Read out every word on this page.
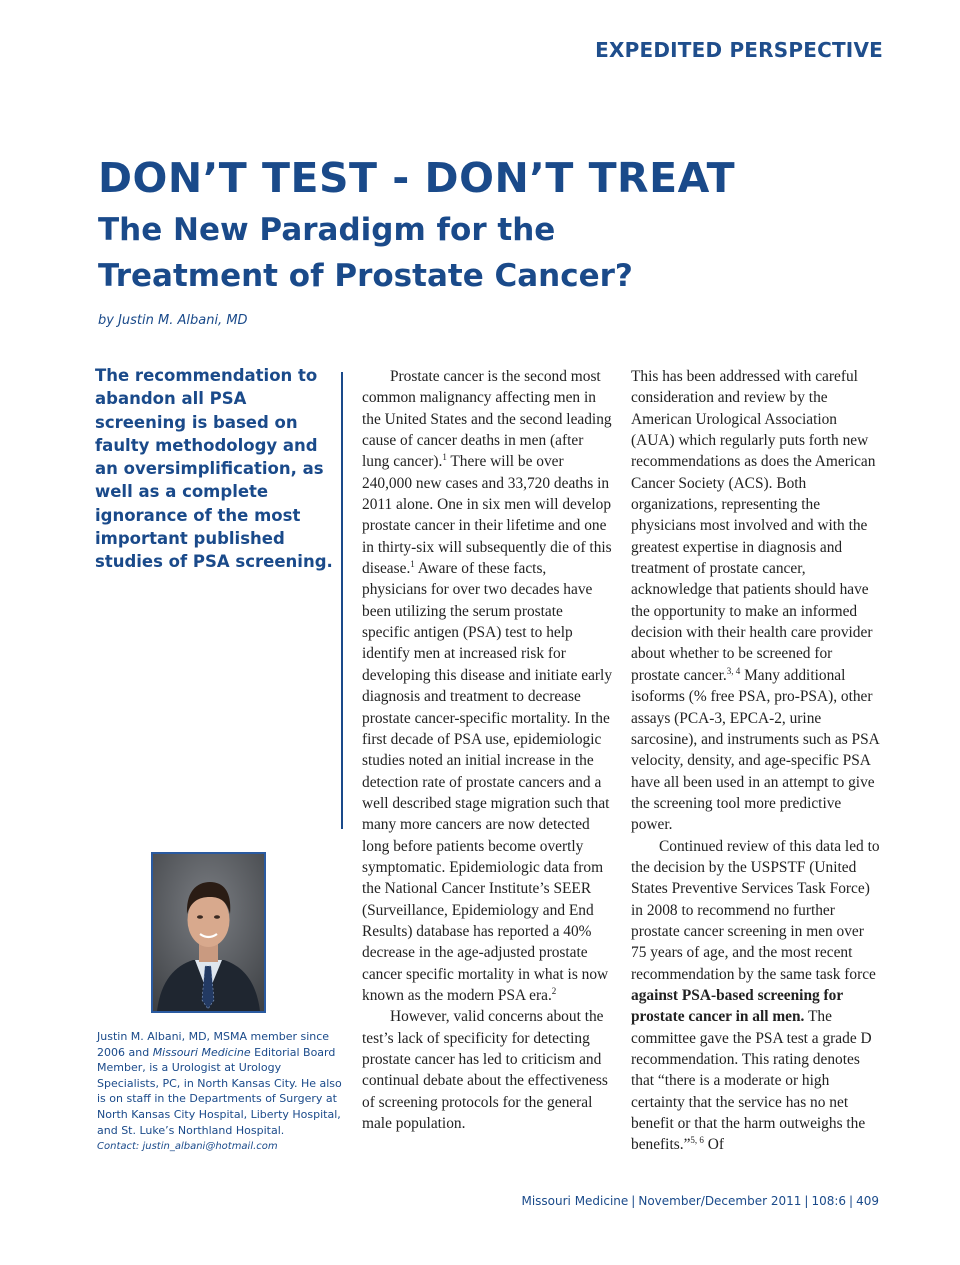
EXPEDITED PERSPECTIVE
DON’T TEST - DON’T TREAT
The New Paradigm for the Treatment of Prostate Cancer?
by Justin M. Albani, MD
The recommendation to abandon all PSA screening is based on faulty methodology and an oversimplification, as well as a complete ignorance of the most important published studies of PSA screening.
Justin M. Albani, MD, MSMA member since 2006 and Missouri Medicine Editorial Board Member, is a Urologist at Urology Specialists, PC, in North Kansas City. He also is on staff in the Departments of Surgery at North Kansas City Hospital, Liberty Hospital, and St. Luke’s Northland Hospital.
Contact: justin_albani@hotmail.com

Prostate cancer is the second most common malignancy affecting men in the United States and the second leading cause of cancer deaths in men (after lung cancer).$^1$ There will be over 240,000 new cases and 33,720 deaths in 2011 alone. One in six men will develop prostate cancer in their lifetime and one in thirty-six will subsequently die of this disease.$^1$ Aware of these facts, physicians for over two decades have been utilizing the serum prostate specific antigen (PSA) test to help identify men at increased risk for developing this disease and initiate early diagnosis and treatment to decrease prostate cancer-specific mortality. In the first decade of PSA use, epidemiologic studies noted an initial increase in the detection rate of prostate cancers and a well described stage migration such that many more cancers are now detected long before patients become overtly symptomatic. Epidemiologic data from the National Cancer Institute’s SEER (Surveillance, Epidemiology and End Results) database has reported a 40% decrease in the age-adjusted prostate cancer specific mortality in what is now known as the modern PSA era.$^2$

However, valid concerns about the test’s lack of specificity for detecting prostate cancer has led to criticism and continual debate about the effectiveness of screening protocols for the general male population.

This has been addressed with careful consideration and review by the American Urological Association (AUA) which regularly puts forth new recommendations as does the American Cancer Society (ACS). Both organizations, representing the physicians most involved and with the greatest expertise in diagnosis and treatment of prostate cancer, acknowledge that patients should have the opportunity to make an informed decision with their health care provider about whether to be screened for prostate cancer.$^{3, 4}$ Many additional isoforms (% free PSA, pro-PSA), other assays (PCA-3, EPCA-2, urine sarcosine), and instruments such as PSA velocity, density, and age-specific PSA have all been used in an attempt to give the screening tool more predictive power.

Continued review of this data led to the decision by the USPSTF (United States Preventive Services Task Force) in 2008 to recommend no further prostate cancer screening in men over 75 years of age, and the most recent recommendation by the same task force against PSA-based screening for prostate cancer in all men. The committee gave the PSA test a grade D recommendation. This rating denotes that “there is a moderate or high certainty that the service has no net benefit or that the harm outweighs the benefits.”$^{5, 6}$ Of

Missouri Medicine | November/December 2011 | 108:6 | 409
